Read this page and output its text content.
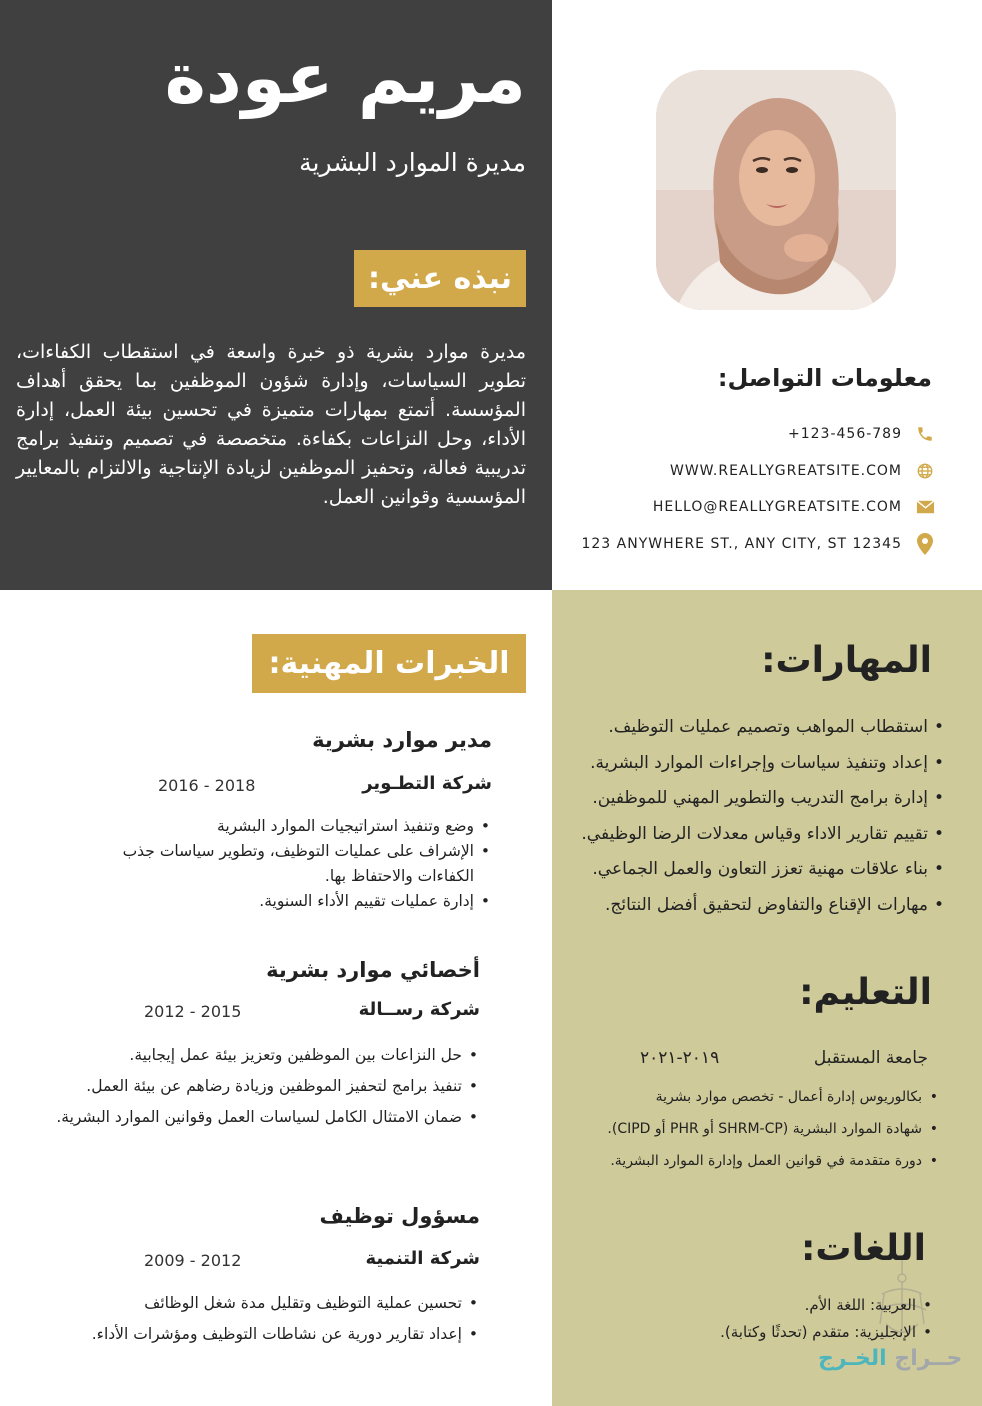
مريم عودة
مديرة الموارد البشرية
نبذه عني:
مديرة موارد بشرية ذو خبرة واسعة في استقطاب الكفاءات، تطوير السياسات، وإدارة شؤون الموظفين بما يحقق أهداف المؤسسة. أتمتع بمهارات متميزة في تحسين بيئة العمل، إدارة الأداء، وحل النزاعات بكفاءة. متخصصة في تصميم وتنفيذ برامج تدريبية فعالة، وتحفيز الموظفين لزيادة الإنتاجية والالتزام بالمعايير المؤسسية وقوانين العمل.
معلومات التواصل:
+123-456-789
WWW.REALLYGREATSITE.COM
HELLO@REALLYGREATSITE.COM
123 ANYWHERE ST., ANY CITY, ST 12345
الخبرات المهنية:
مدير موارد بشرية
شركة التطـوير
2016 - 2018
• وضع وتنفيذ استراتيجيات الموارد البشرية
• الإشراف على عمليات التوظيف، وتطوير سياسات جذب الكفاءات والاحتفاظ بها.
• إدارة عمليات تقييم الأداء السنوية.
أخصائي موارد بشرية
شركة رســالة
2012 - 2015
• حل النزاعات بين الموظفين وتعزيز بيئة عمل إيجابية.
• تنفيذ برامج لتحفيز الموظفين وزيادة رضاهم عن بيئة العمل.
• ضمان الامتثال الكامل لسياسات العمل وقوانين الموارد البشرية.
مسؤول توظيف
شركة التنمية
2009 - 2012
• تحسين عملية التوظيف وتقليل مدة شغل الوظائف
• إعداد تقارير دورية عن نشاطات التوظيف ومؤشرات الأداء.
المهارات:
• استقطاب المواهب وتصميم عمليات التوظيف.
• إعداد وتنفيذ سياسات وإجراءات الموارد البشرية.
• إدارة برامج التدريب والتطوير المهني للموظفين.
• تقييم تقارير الاداء وقياس معدلات الرضا الوظيفي.
• بناء علاقات مهنية تعزز التعاون والعمل الجماعي.
• مهارات الإقناع والتفاوض لتحقيق أفضل النتائج.
التعليم:
جامعة المستقبل
٢٠١٩-٢٠٢١
• بكالوريوس إدارة أعمال - تخصص موارد بشرية
• شهادة الموارد البشرية (SHRM-CP أو PHR أو CIPD).
• دورة متقدمة في قوانين العمل وإدارة الموارد البشرية.
اللغات:
• العربية: اللغة الأم.
• الإنجليزية: متقدم (تحدثًا وكتابة).
حــراج الخـرج
